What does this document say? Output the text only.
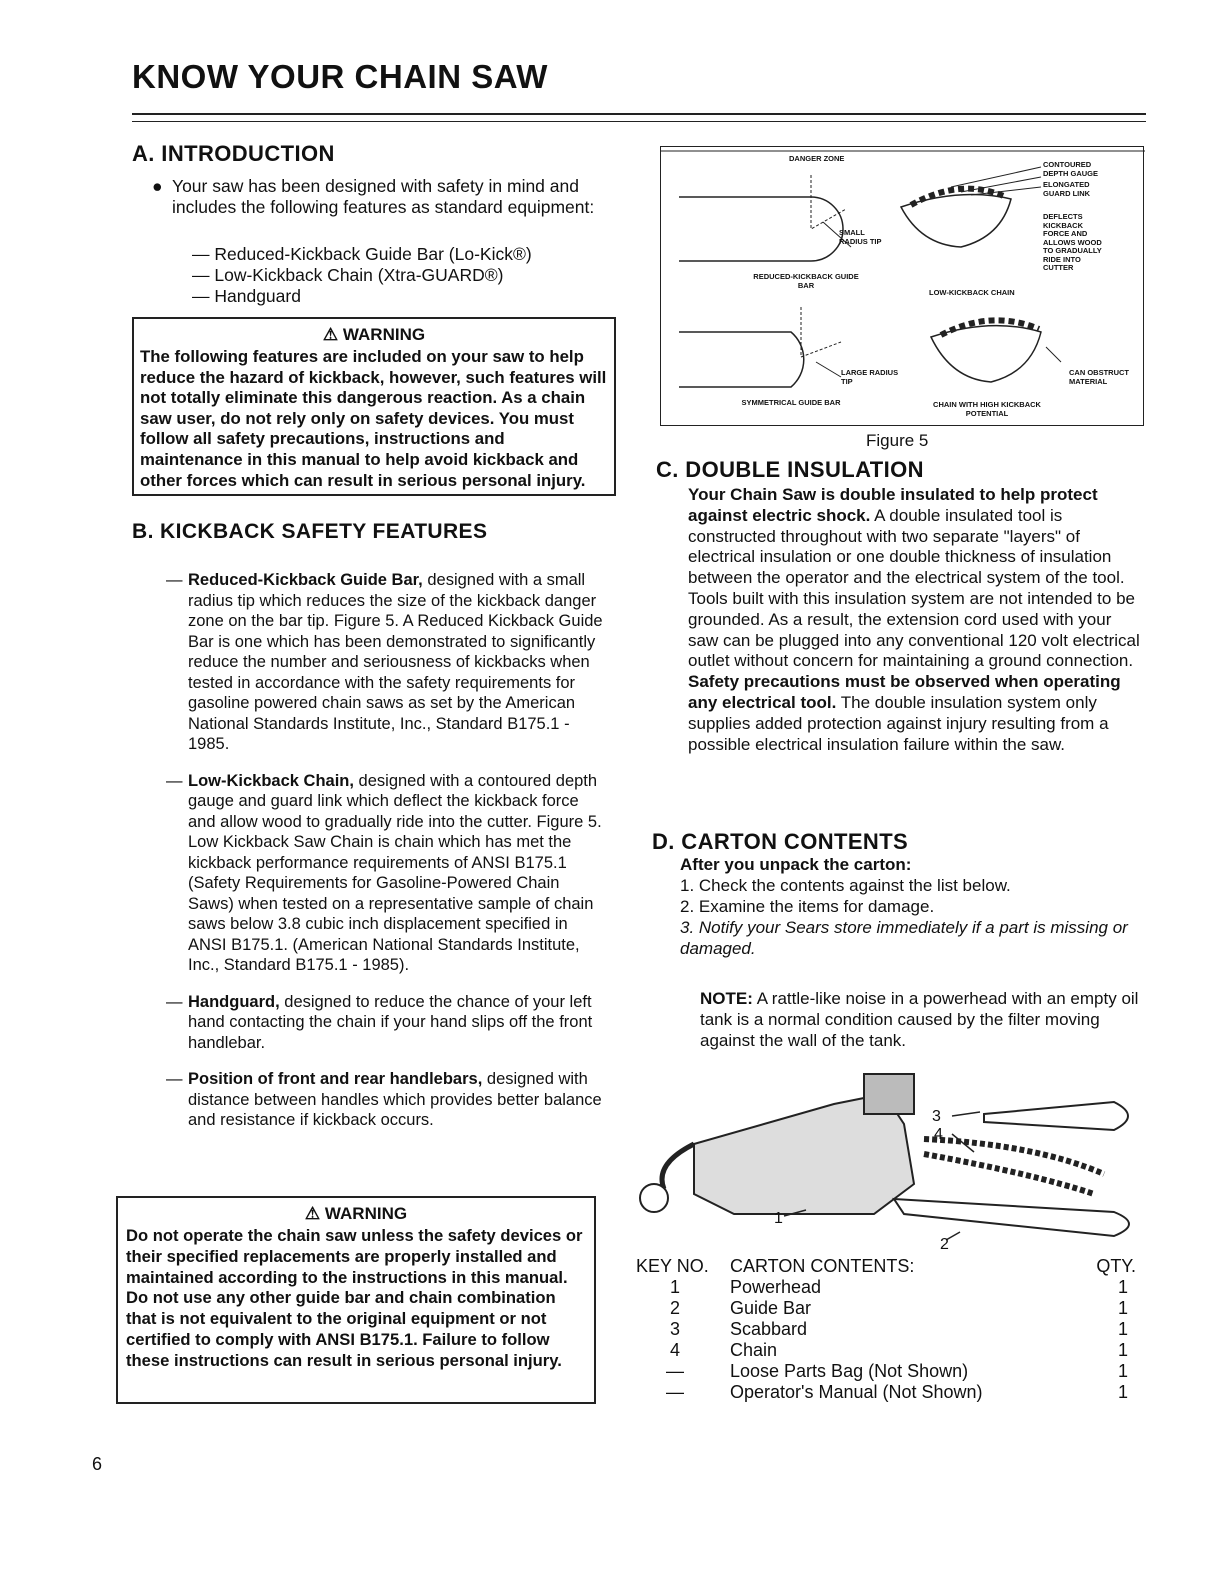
KNOW YOUR CHAIN SAW
A. INTRODUCTION
● Your saw has been designed with safety in mind and includes the following features as standard equipment:
— Reduced-Kickback Guide Bar (Lo-Kick®)
— Low-Kickback Chain (Xtra-GUARD®)
— Handguard
⚠ WARNING
The following features are included on your saw to help reduce the hazard of kickback, however, such features will not totally eliminate this dangerous reaction. As a chain saw user, do not rely only on safety devices. You must follow all safety precautions, instructions and maintenance in this manual to help avoid kickback and other forces which can result in serious personal injury.
B. KICKBACK SAFETY FEATURES
— Reduced-Kickback Guide Bar, designed with a small radius tip which reduces the size of the kickback danger zone on the bar tip. Figure 5. A Reduced Kickback Guide Bar is one which has been demonstrated to significantly reduce the number and seriousness of kickbacks when tested in accordance with the safety requirements for gasoline powered chain saws as set by the American National Standards Institute, Inc., Standard B175.1 - 1985.
— Low-Kickback Chain, designed with a contoured depth gauge and guard link which deflect the kickback force and allow wood to gradually ride into the cutter. Figure 5. Low Kickback Saw Chain is chain which has met the kickback performance requirements of ANSI B175.1 (Safety Requirements for Gasoline-Powered Chain Saws) when tested on a representative sample of chain saws below 3.8 cubic inch displacement specified in ANSI B175.1. (American National Standards Institute, Inc., Standard B175.1 - 1985).
— Handguard, designed to reduce the chance of your left hand contacting the chain if your hand slips off the front handlebar.
— Position of front and rear handlebars, designed with distance between handles which provides better balance and resistance if kickback occurs.
⚠ WARNING
Do not operate the chain saw unless the safety devices or their specified replacements are properly installed and maintained according to the instructions in this manual. Do not use any other guide bar and chain combination that is not equivalent to the original equipment or not certified to comply with ANSI B175.1. Failure to follow these instructions can result in serious personal injury.
DANGER ZONE
SMALL RADIUS TIP
REDUCED-KICKBACK GUIDE BAR
LOW-KICKBACK CHAIN
CONTOURED DEPTH GAUGE
ELONGATED GUARD LINK
DEFLECTS KICKBACK FORCE AND ALLOWS WOOD TO GRADUALLY RIDE INTO CUTTER
LARGE RADIUS TIP
SYMMETRICAL GUIDE BAR	CHAIN WITH HIGH KICKBACK POTENTIAL
CAN OBSTRUCT MATERIAL
Figure 5
C. DOUBLE INSULATION
Your Chain Saw is double insulated to help protect against electric shock. A double insulated tool is constructed throughout with two separate "layers" of electrical insulation or one double thickness of insulation between the operator and the electrical system of the tool.
Tools built with this insulation system are not intended to be grounded. As a result, the extension cord used with your saw can be plugged into any conventional 120 volt electrical outlet without concern for maintaining a ground connection.
Safety precautions must be observed when operating any electrical tool. The double insulation system only supplies added protection against injury resulting from a possible electrical insulation failure within the saw.
D. CARTON CONTENTS
After you unpack the carton:
1. Check the contents against the list below.
2. Examine the items for damage.
3. Notify your Sears store immediately if a part is missing or damaged.
NOTE: A rattle-like noise in a powerhead with an empty oil tank is a normal condition caused by the filter moving against the wall of the tank.
3
4
1
2
KEY NO.	CARTON CONTENTS:	QTY.
1	Powerhead	1
2	Guide Bar	1
3	Scabbard	1
4	Chain	1
—	Loose Parts Bag (Not Shown)	1
—	Operator's Manual (Not Shown)	1
6
